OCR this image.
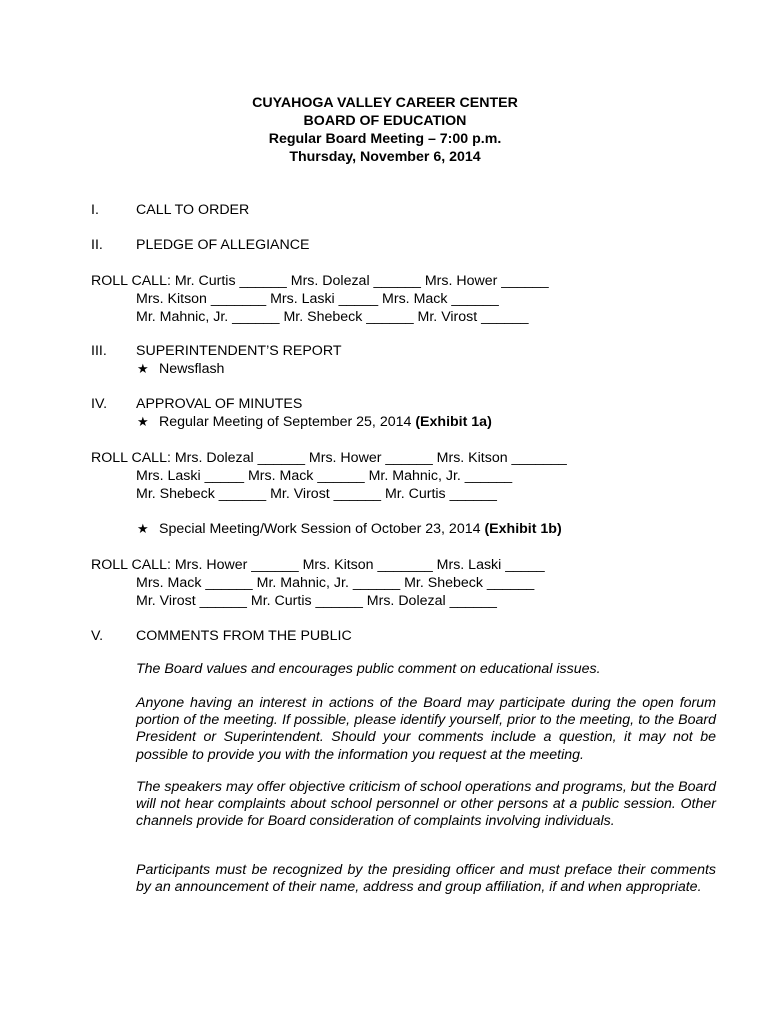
CUYAHOGA VALLEY CAREER CENTER
BOARD OF EDUCATION
Regular Board Meeting – 7:00 p.m.
Thursday, November 6, 2014
I.	CALL TO ORDER
II. PLEDGE OF ALLEGIANCE
ROLL CALL: Mr. Curtis ______ Mrs. Dolezal ______ Mrs. Hower ______
Mrs. Kitson _______ Mrs. Laski _____ Mrs. Mack ______
Mr. Mahnic, Jr. ______ Mr. Shebeck ______ Mr. Virost ______
III. SUPERINTENDENT’S REPORT
★ Newsflash
IV. APPROVAL OF MINUTES
★ Regular Meeting of September 25, 2014 (Exhibit 1a)
ROLL CALL: Mrs. Dolezal ______ Mrs. Hower ______ Mrs. Kitson _______
Mrs. Laski _____ Mrs. Mack ______ Mr. Mahnic, Jr. ______
Mr. Shebeck ______ Mr. Virost ______ Mr. Curtis ______
★ Special Meeting/Work Session of October 23, 2014 (Exhibit 1b)
ROLL CALL: Mrs. Hower ______ Mrs. Kitson _______ Mrs. Laski _____
Mrs. Mack ______ Mr. Mahnic, Jr. ______ Mr. Shebeck ______
Mr. Virost ______ Mr. Curtis ______ Mrs. Dolezal ______
V. COMMENTS FROM THE PUBLIC
The Board values and encourages public comment on educational issues.
Anyone having an interest in actions of the Board may participate during the open forum portion of the meeting. If possible, please identify yourself, prior to the meeting, to the Board President or Superintendent. Should your comments include a question, it may not be possible to provide you with the information you request at the meeting.
The speakers may offer objective criticism of school operations and programs, but the Board will not hear complaints about school personnel or other persons at a public session. Other channels provide for Board consideration of complaints involving individuals.
Participants must be recognized by the presiding officer and must preface their comments by an announcement of their name, address and group affiliation, if and when appropriate.
